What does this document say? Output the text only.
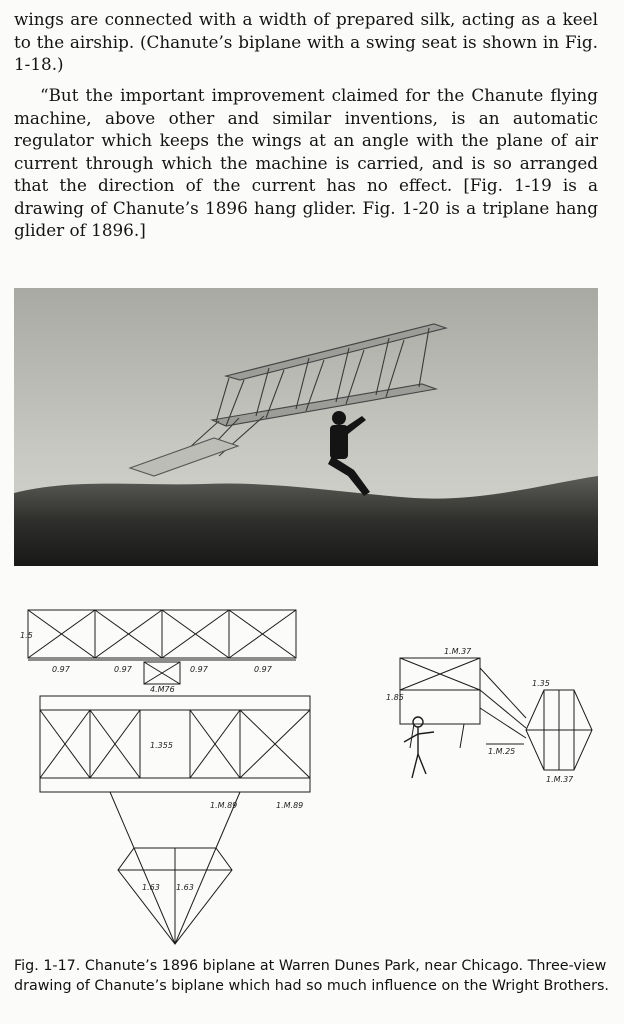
wings are connected with a width of prepared silk, acting as a keel to the airship. (Chanute’s biplane with a swing seat is shown in Fig. 1-18.)

“But the important improvement claimed for the Chanute flying machine, above other and similar inventions, is an automatic regulator which keeps the wings at an angle with the plane of air current through which the machine is carried, and is so arranged that the direction of the current has no effect. [Fig. 1-19 is a drawing of Chanute’s 1896 hang glider. Fig. 1-20 is a triplane hang glider of 1896.]

1.5
0.97	0.97	0.97	0.97
4.M76
1.355
1.M.89	1.M.89
1.63 1.63
1.M.37
1.85
1.M.25
1.M.37
1.35

Fig. 1-17. Chanute’s 1896 biplane at Warren Dunes Park, near Chicago. Three-view drawing of Chanute’s biplane which had so much influence on the Wright Brothers.
